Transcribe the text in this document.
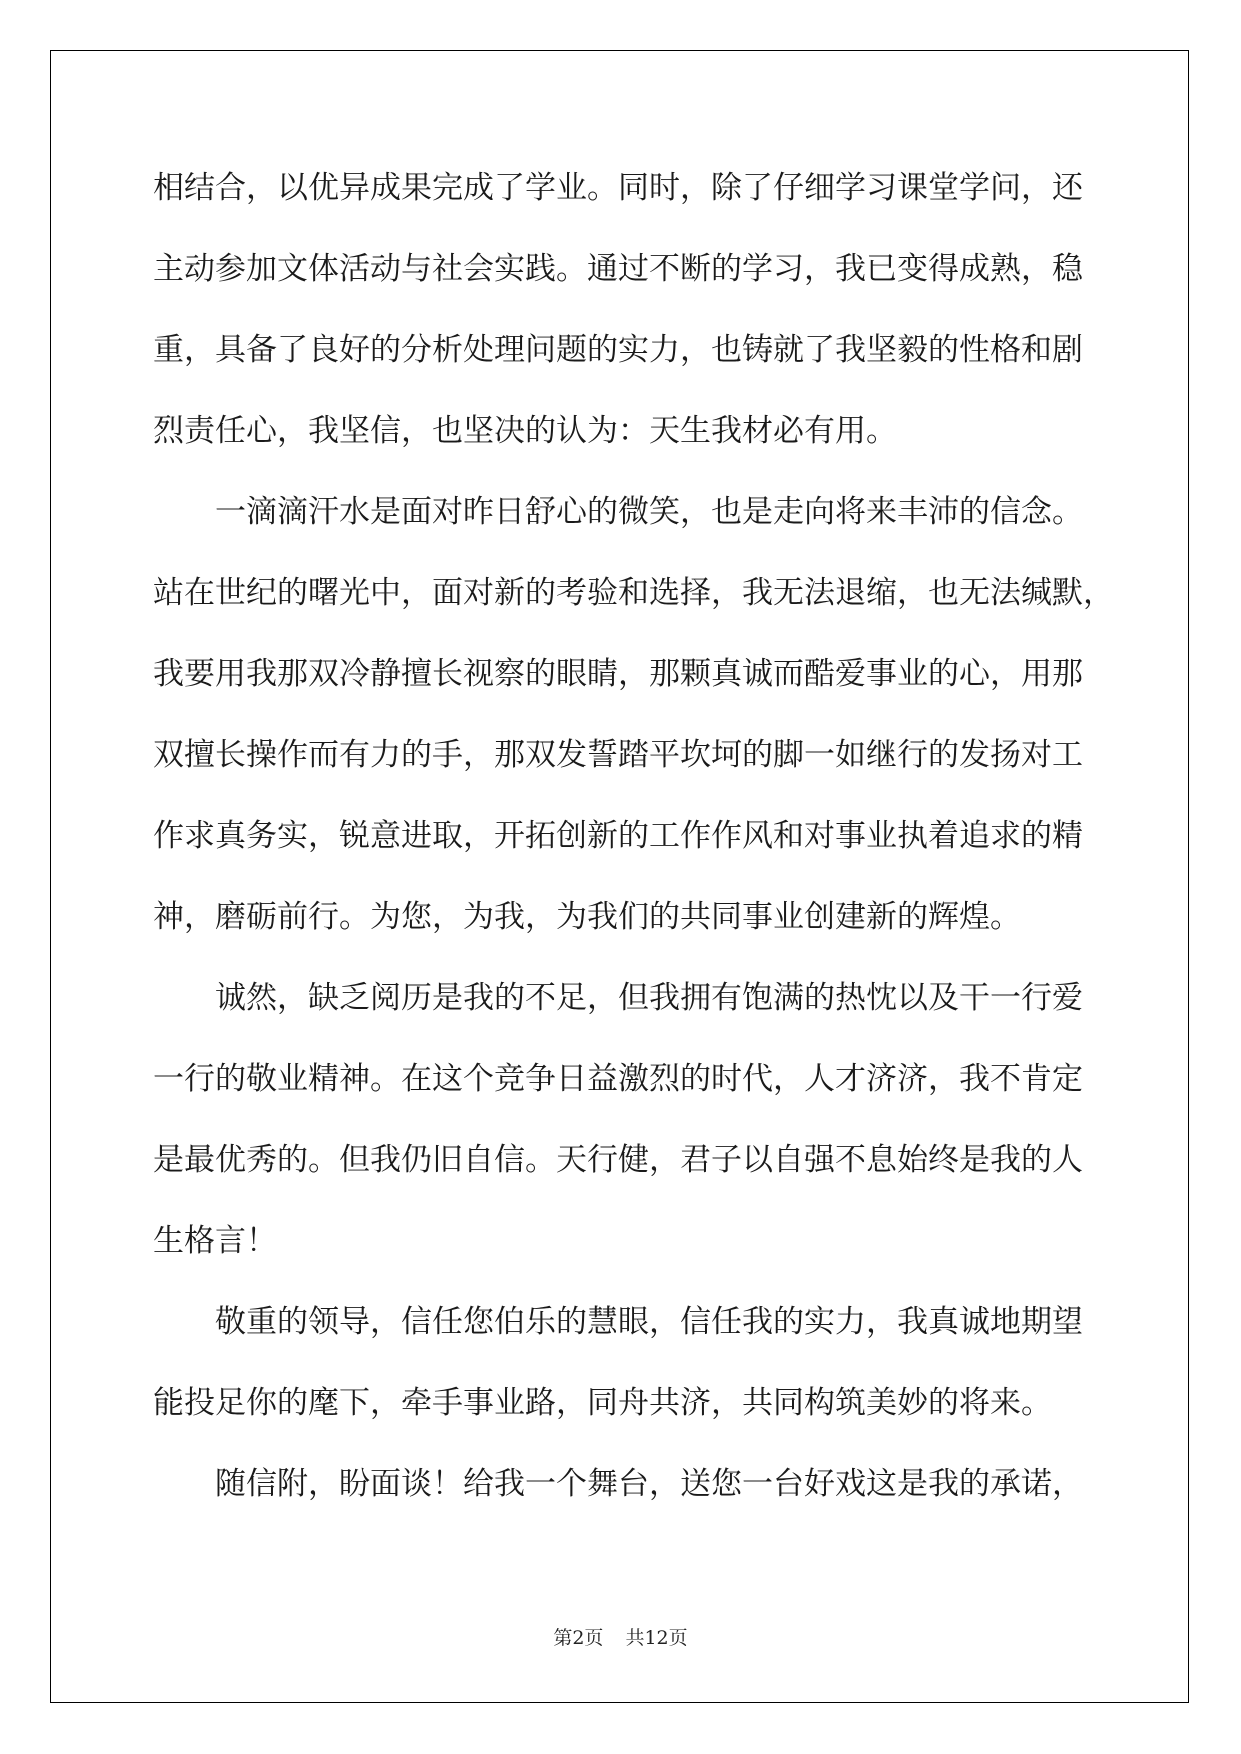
相结合，以优异成果完成了学业。同时，除了仔细学习课堂学问，还
主动参加文体活动与社会实践。通过不断的学习，我已变得成熟，稳
重，具备了良好的分析处理问题的实力，也铸就了我坚毅的性格和剧
烈责任心，我坚信，也坚决的认为：天生我材必有用。
一滴滴汗水是面对昨日舒心的微笑，也是走向将来丰沛的信念。
站在世纪的曙光中，面对新的考验和选择，我无法退缩，也无法缄默，
我要用我那双冷静擅长视察的眼睛，那颗真诚而酷爱事业的心，用那
双擅长操作而有力的手，那双发誓踏平坎坷的脚一如继行的发扬对工
作求真务实，锐意进取，开拓创新的工作作风和对事业执着追求的精
神，磨砺前行。为您，为我，为我们的共同事业创建新的辉煌。
诚然，缺乏阅历是我的不足，但我拥有饱满的热忱以及干一行爱
一行的敬业精神。在这个竞争日益激烈的时代，人才济济，我不肯定
是最优秀的。但我仍旧自信。天行健，君子以自强不息始终是我的人
生格言！
敬重的领导，信任您伯乐的慧眼，信任我的实力，我真诚地期望
能投足你的麾下，牵手事业路，同舟共济，共同构筑美妙的将来。
随信附，盼面谈！给我一个舞台，送您一台好戏这是我的承诺，
第2页 共12页
